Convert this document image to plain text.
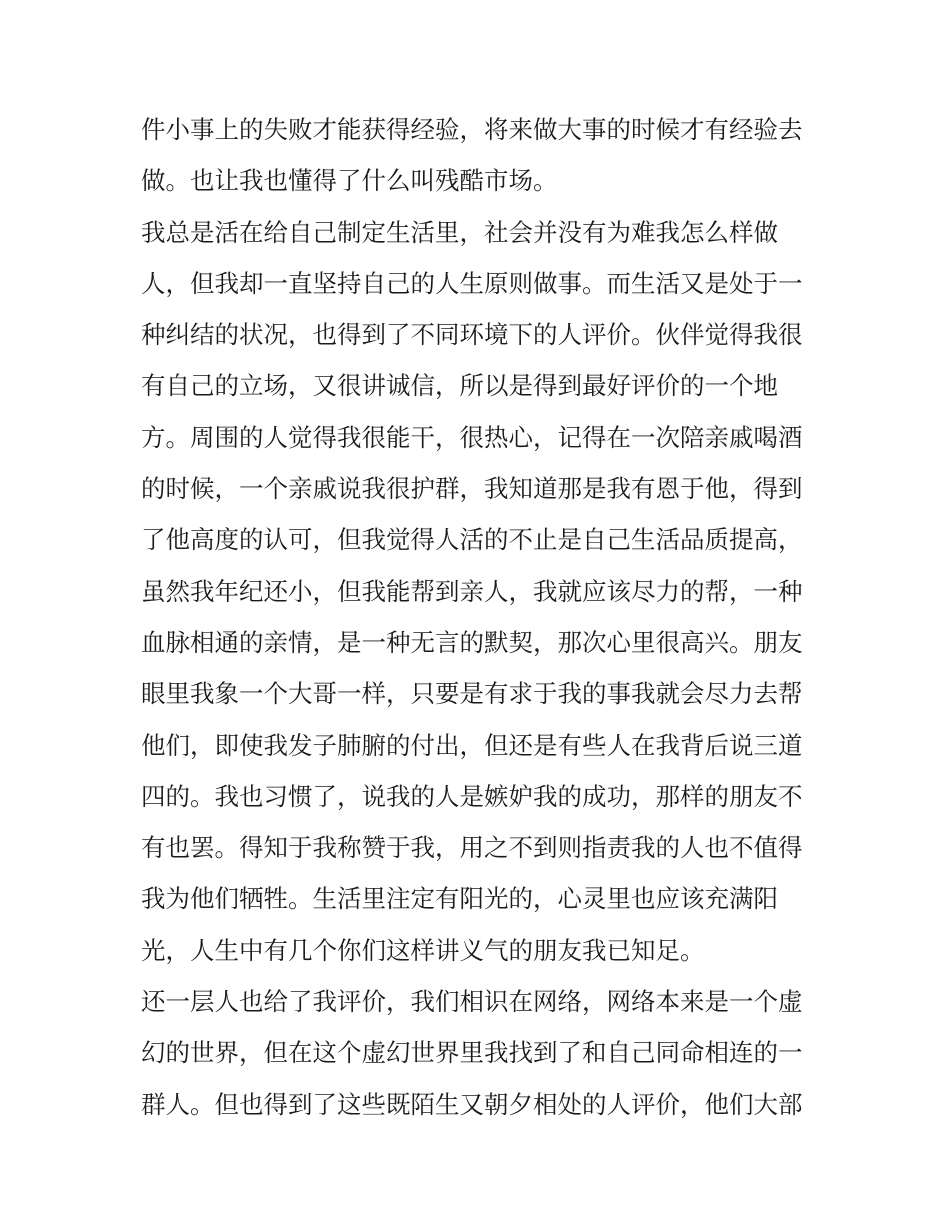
件小事上的失败才能获得经验，将来做大事的时候才有经验去
做。也让我也懂得了什么叫残酷市场。
我总是活在给自己制定生活里，社会并没有为难我怎么样做
人，但我却一直坚持自己的人生原则做事。而生活又是处于一
种纠结的状况，也得到了不同环境下的人评价。伙伴觉得我很
有自己的立场，又很讲诚信，所以是得到最好评价的一个地
方。周围的人觉得我很能干，很热心，记得在一次陪亲戚喝酒
的时候，一个亲戚说我很护群，我知道那是我有恩于他，得到
了他高度的认可，但我觉得人活的不止是自己生活品质提高，
虽然我年纪还小，但我能帮到亲人，我就应该尽力的帮，一种
血脉相通的亲情，是一种无言的默契，那次心里很高兴。朋友
眼里我象一个大哥一样，只要是有求于我的事我就会尽力去帮
他们，即使我发子肺腑的付出，但还是有些人在我背后说三道
四的。我也习惯了，说我的人是嫉妒我的成功，那样的朋友不
有也罢。得知于我称赞于我，用之不到则指责我的人也不值得
我为他们牺牲。生活里注定有阳光的，心灵里也应该充满阳
光，人生中有几个你们这样讲义气的朋友我已知足。
还一层人也给了我评价，我们相识在网络，网络本来是一个虚
幻的世界，但在这个虚幻世界里我找到了和自己同命相连的一
群人。但也得到了这些既陌生又朝夕相处的人评价，他们大部
